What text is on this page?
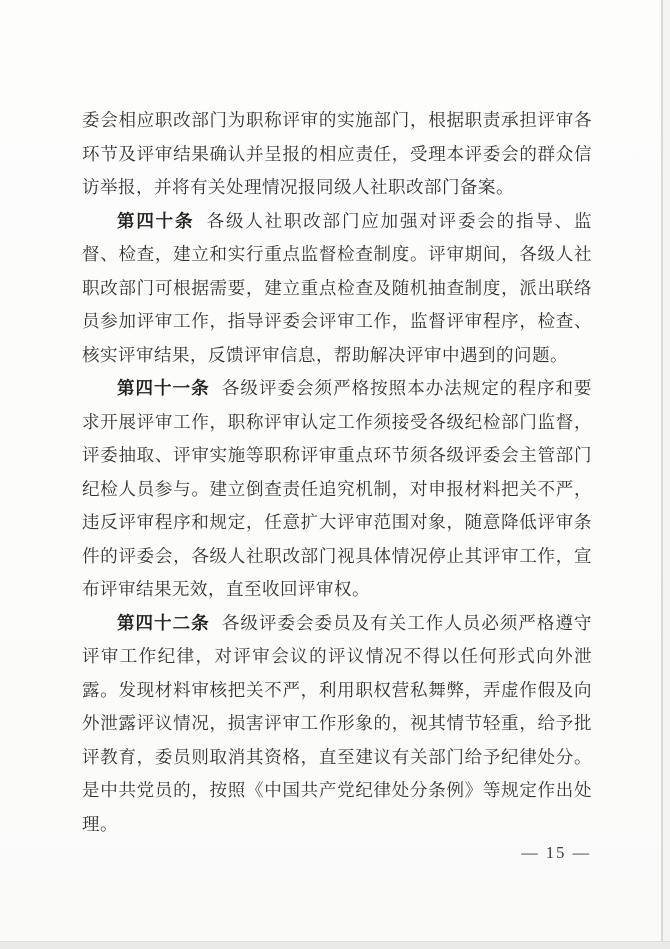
委会相应职改部门为职称评审的实施部门，根据职责承担评审各环节及评审结果确认并呈报的相应责任，受理本评委会的群众信访举报，并将有关处理情况报同级人社职改部门备案。

第四十条 各级人社职改部门应加强对评委会的指导、监督、检查，建立和实行重点监督检查制度。评审期间，各级人社职改部门可根据需要，建立重点检查及随机抽查制度，派出联络员参加评审工作，指导评委会评审工作，监督评审程序，检查、核实评审结果，反馈评审信息，帮助解决评审中遇到的问题。

第四十一条 各级评委会须严格按照本办法规定的程序和要求开展评审工作，职称评审认定工作须接受各级纪检部门监督，评委抽取、评审实施等职称评审重点环节须各级评委会主管部门纪检人员参与。建立倒查责任追究机制，对申报材料把关不严，违反评审程序和规定，任意扩大评审范围对象，随意降低评审条件的评委会，各级人社职改部门视具体情况停止其评审工作，宣布评审结果无效，直至收回评审权。

第四十二条 各级评委会委员及有关工作人员必须严格遵守评审工作纪律，对评审会议的评议情况不得以任何形式向外泄露。发现材料审核把关不严，利用职权营私舞弊，弄虚作假及向外泄露评议情况，损害评审工作形象的，视其情节轻重，给予批评教育，委员则取消其资格，直至建议有关部门给予纪律处分。是中共党员的，按照《中国共产党纪律处分条例》等规定作出处理。

— 15 —
